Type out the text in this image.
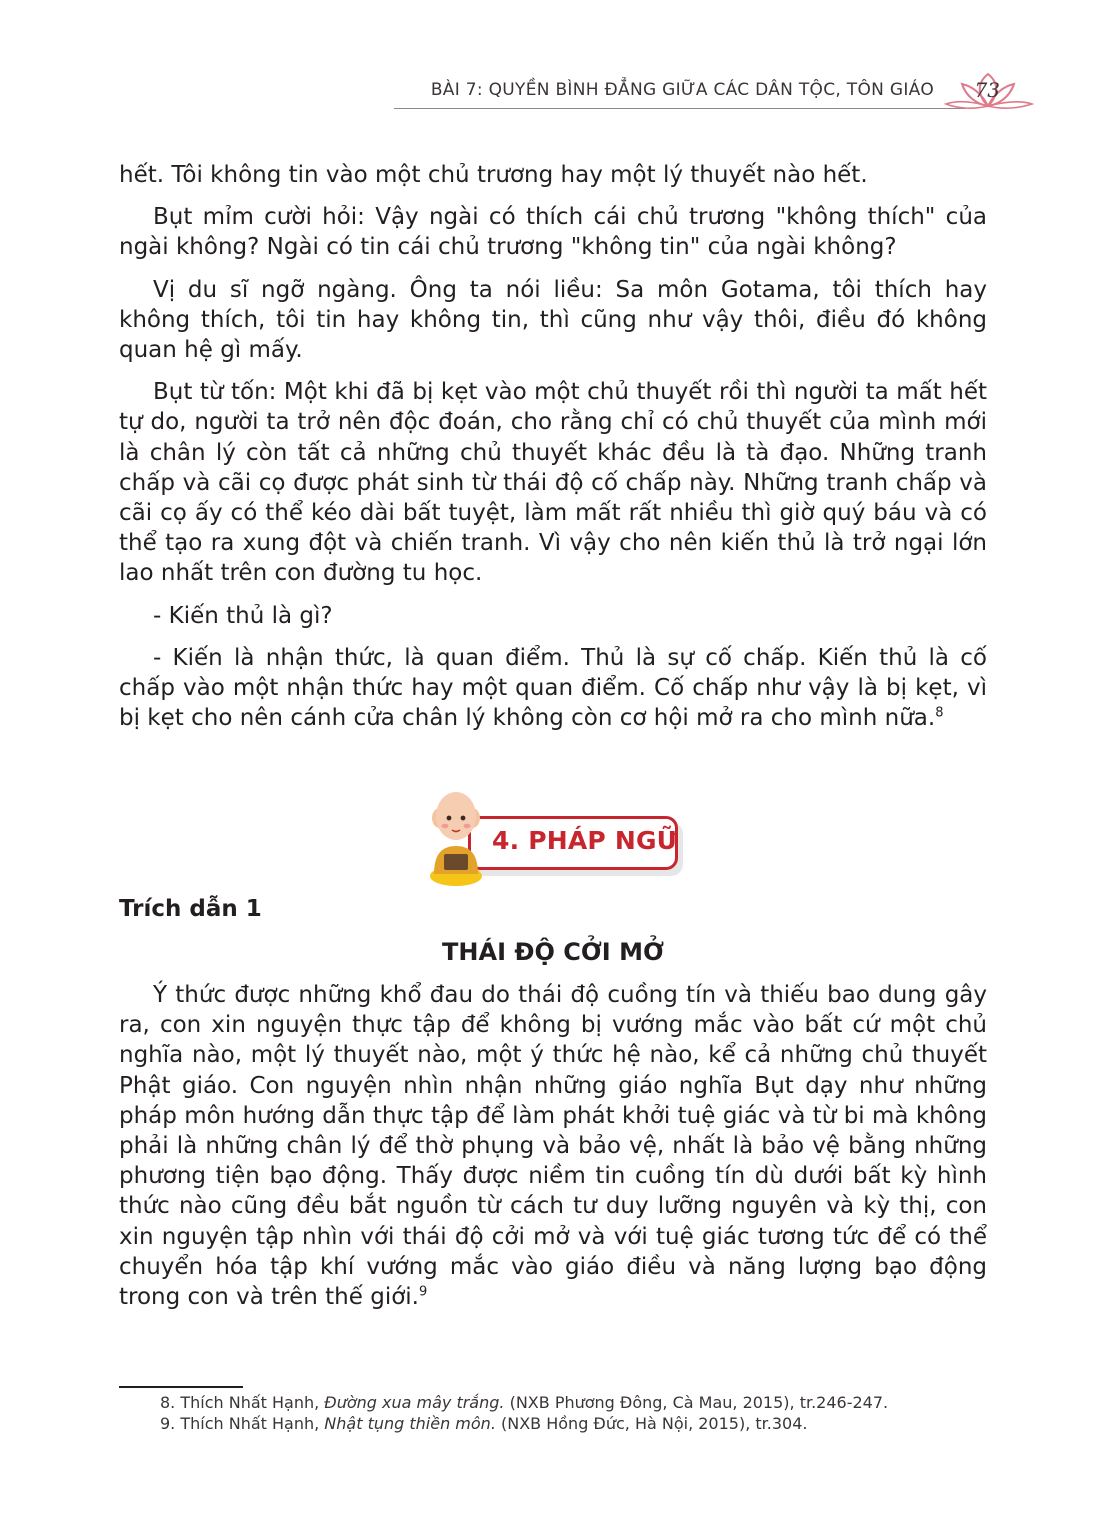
BÀI 7: QUYỀN BÌNH ĐẲNG GIỮA CÁC DÂN TỘC, TÔN GIÁO 73

hết. Tôi không tin vào một chủ trương hay một lý thuyết nào hết.

Bụt mỉm cười hỏi: Vậy ngài có thích cái chủ trương "không thích" của ngài không? Ngài có tin cái chủ trương "không tin" của ngài không?

Vị du sĩ ngỡ ngàng. Ông ta nói liều: Sa môn Gotama, tôi thích hay không thích, tôi tin hay không tin, thì cũng như vậy thôi, điều đó không quan hệ gì mấy.

Bụt từ tốn: Một khi đã bị kẹt vào một chủ thuyết rồi thì người ta mất hết tự do, người ta trở nên độc đoán, cho rằng chỉ có chủ thuyết của mình mới là chân lý còn tất cả những chủ thuyết khác đều là tà đạo. Những tranh chấp và cãi cọ được phát sinh từ thái độ cố chấp này. Những tranh chấp và cãi cọ ấy có thể kéo dài bất tuyệt, làm mất rất nhiều thì giờ quý báu và có thể tạo ra xung đột và chiến tranh. Vì vậy cho nên kiến thủ là trở ngại lớn lao nhất trên con đường tu học.

- Kiến thủ là gì?

- Kiến là nhận thức, là quan điểm. Thủ là sự cố chấp. Kiến thủ là cố chấp vào một nhận thức hay một quan điểm. Cố chấp như vậy là bị kẹt, vì bị kẹt cho nên cánh cửa chân lý không còn cơ hội mở ra cho mình nữa.$^8$

4. PHÁP NGỮ
Trích dẫn 1
THÁI ĐỘ CỞI MỞ

Ý thức được những khổ đau do thái độ cuồng tín và thiếu bao dung gây ra, con xin nguyện thực tập để không bị vướng mắc vào bất cứ một chủ nghĩa nào, một lý thuyết nào, một ý thức hệ nào, kể cả những chủ thuyết Phật giáo. Con nguyện nhìn nhận những giáo nghĩa Bụt dạy như những pháp môn hướng dẫn thực tập để làm phát khởi tuệ giác và từ bi mà không phải là những chân lý để thờ phụng và bảo vệ, nhất là bảo vệ bằng những phương tiện bạo động. Thấy được niềm tin cuồng tín dù dưới bất kỳ hình thức nào cũng đều bắt nguồn từ cách tư duy lưỡng nguyên và kỳ thị, con xin nguyện tập nhìn với thái độ cởi mở và với tuệ giác tương tức để có thể chuyển hóa tập khí vướng mắc vào giáo điều và năng lượng bạo động trong con và trên thế giới.$^9$

8. Thích Nhất Hạnh, Đường xua mây trắng. (NXB Phương Đông, Cà Mau, 2015), tr.246-247.
9. Thích Nhất Hạnh, Nhật tụng thiền môn. (NXB Hồng Đức, Hà Nội, 2015), tr.304.
